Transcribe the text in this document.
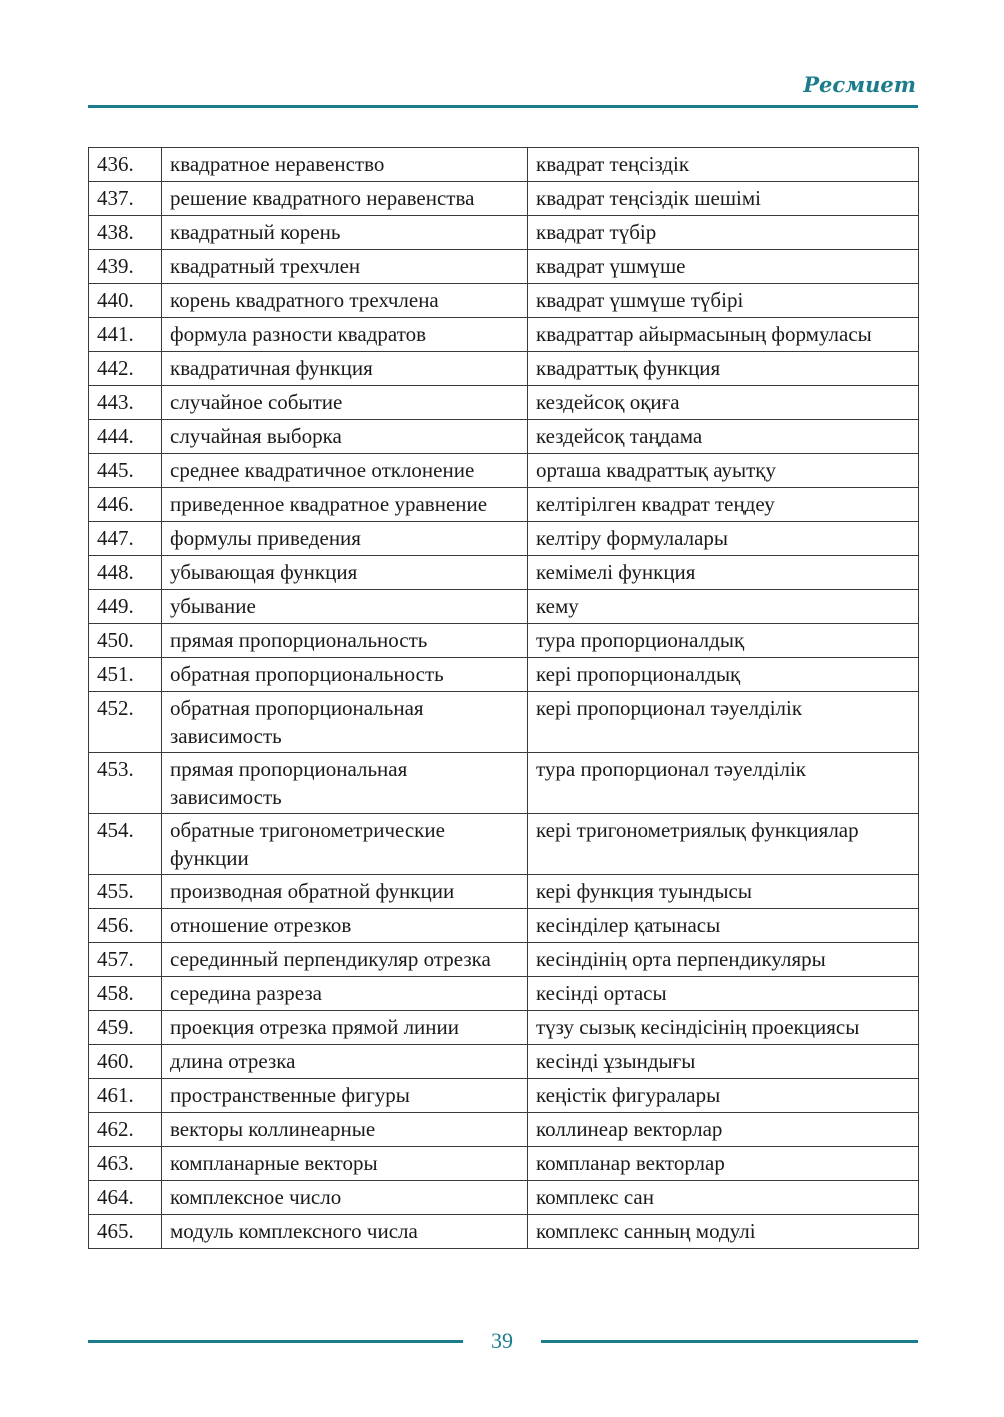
Ресмиет
436.	квадратное неравенство	квадрат теңсіздік
437.	решение квадратного неравенства	квадрат теңсіздік шешімі
438.	квадратный корень	квадрат түбір
439.	квадратный трехчлен	квадрат үшмүше
440.	корень квадратного трехчлена	квадрат үшмүше түбірі
441.	формула разности квадратов	квадраттар айырмасының формуласы
442.	квадратичная функция	квадраттық функция
443.	случайное событие	кездейсоқ оқиға
444.	случайная выборка	кездейсоқ таңдама
445.	среднее квадратичное отклонение	орташа квадраттық ауытқу
446.	приведенное квадратное уравнение	келтірілген квадрат теңдеу
447.	формулы приведения	келтіру формулалары
448.	убывающая функция	кемімелі функция
449.	убывание	кему
450.	прямая пропорциональность	тура пропорционалдық
451.	обратная пропорциональность	кері пропорционалдық
452.	обратная пропорциональная зависимость	кері пропорционал тәуелділік
453.	прямая пропорциональная зависимость	тура пропорционал тәуелділік
454.	обратные тригонометрические функции	кері тригонометриялық функциялар
455.	производная обратной функции	кері функция туындысы
456.	отношение отрезков	кесінділер қатынасы
457.	серединный перпендикуляр отрезка	кесіндінің орта перпендикуляры
458.	середина разреза	кесінді ортасы
459.	проекция отрезка прямой линии	түзу сызық кесіндісінің проекциясы
460.	длина отрезка	кесінді ұзындығы
461.	пространственные фигуры	кеңістік фигуралары
462.	векторы коллинеарные	коллинеар векторлар
463.	компланарные векторы	компланар векторлар
464.	комплексное число	комплекс сан
465.	модуль комплексного числа	комплекс санның модулі
39
